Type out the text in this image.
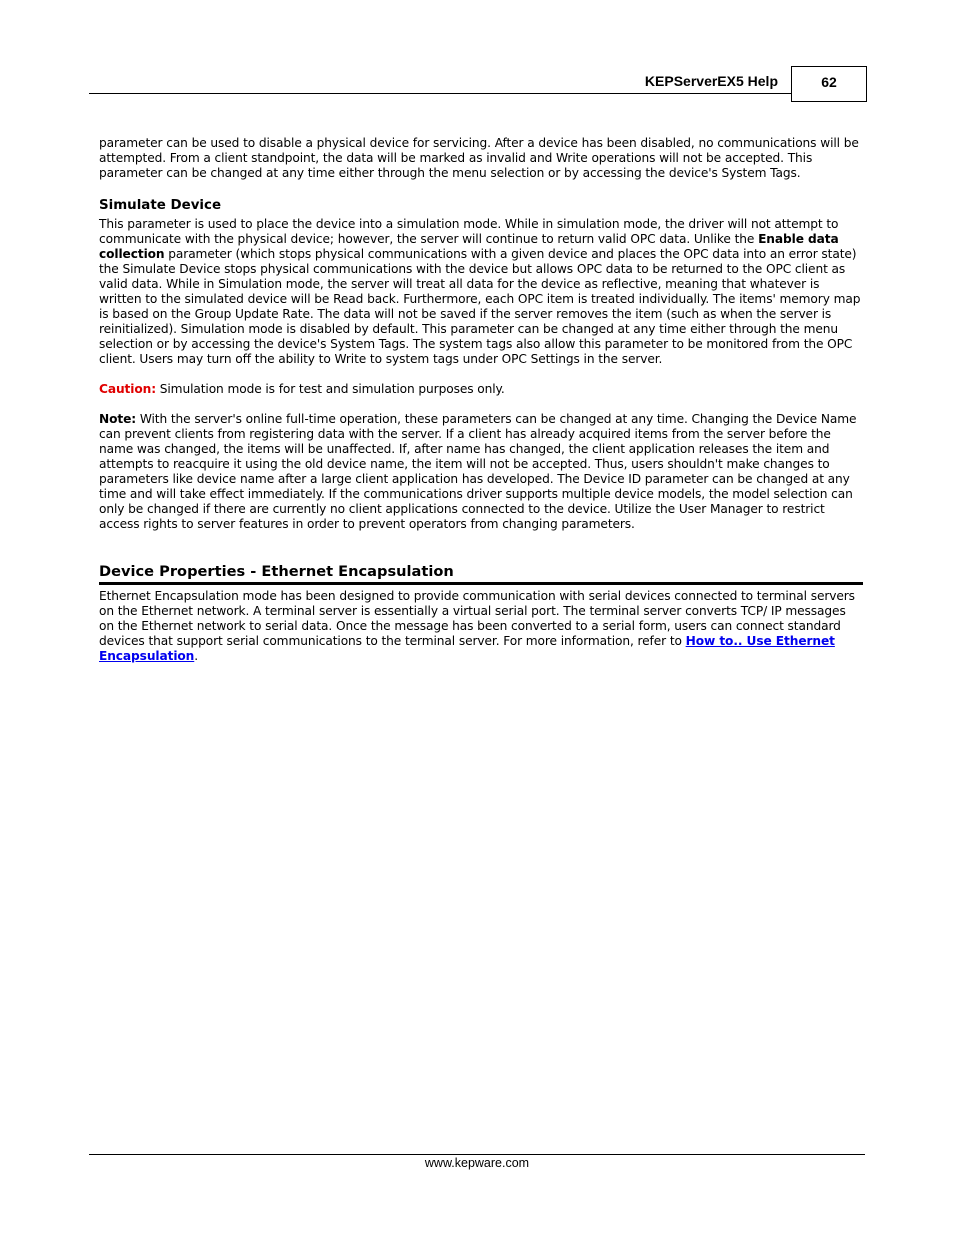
KEPServerEX5 Help	62

parameter can be used to disable a physical device for servicing. After a device has been disabled, no communications will be attempted. From a client standpoint, the data will be marked as invalid and Write operations will not be accepted. This parameter can be changed at any time either through the menu selection or by accessing the device's System Tags.

Simulate Device

This parameter is used to place the device into a simulation mode. While in simulation mode, the driver will not attempt to communicate with the physical device; however, the server will continue to return valid OPC data. Unlike the Enable data collection parameter (which stops physical communications with a given device and places the OPC data into an error state) the Simulate Device stops physical communications with the device but allows OPC data to be returned to the OPC client as valid data. While in Simulation mode, the server will treat all data for the device as reflective, meaning that whatever is written to the simulated device will be Read back. Furthermore, each OPC item is treated individually. The items' memory map is based on the Group Update Rate. The data will not be saved if the server removes the item (such as when the server is reinitialized). Simulation mode is disabled by default. This parameter can be changed at any time either through the menu selection or by accessing the device's System Tags. The system tags also allow this parameter to be monitored from the OPC client. Users may turn off the ability to Write to system tags under OPC Settings in the server.

Caution: Simulation mode is for test and simulation purposes only.

Note: With the server's online full-time operation, these parameters can be changed at any time. Changing the Device Name can prevent clients from registering data with the server. If a client has already acquired items from the server before the name was changed, the items will be unaffected. If, after name has changed, the client application releases the item and attempts to reacquire it using the old device name, the item will not be accepted. Thus, users shouldn't make changes to parameters like device name after a large client application has developed. The Device ID parameter can be changed at any time and will take effect immediately. If the communications driver supports multiple device models, the model selection can only be changed if there are currently no client applications connected to the device. Utilize the User Manager to restrict access rights to server features in order to prevent operators from changing parameters.

Device Properties - Ethernet Encapsulation

Ethernet Encapsulation mode has been designed to provide communication with serial devices connected to terminal servers on the Ethernet network. A terminal server is essentially a virtual serial port. The terminal server converts TCP/ IP messages on the Ethernet network to serial data. Once the message has been converted to a serial form, users can connect standard devices that support serial communications to the terminal server. For more information, refer to How to.. Use Ethernet Encapsulation.

www.kepware.com
